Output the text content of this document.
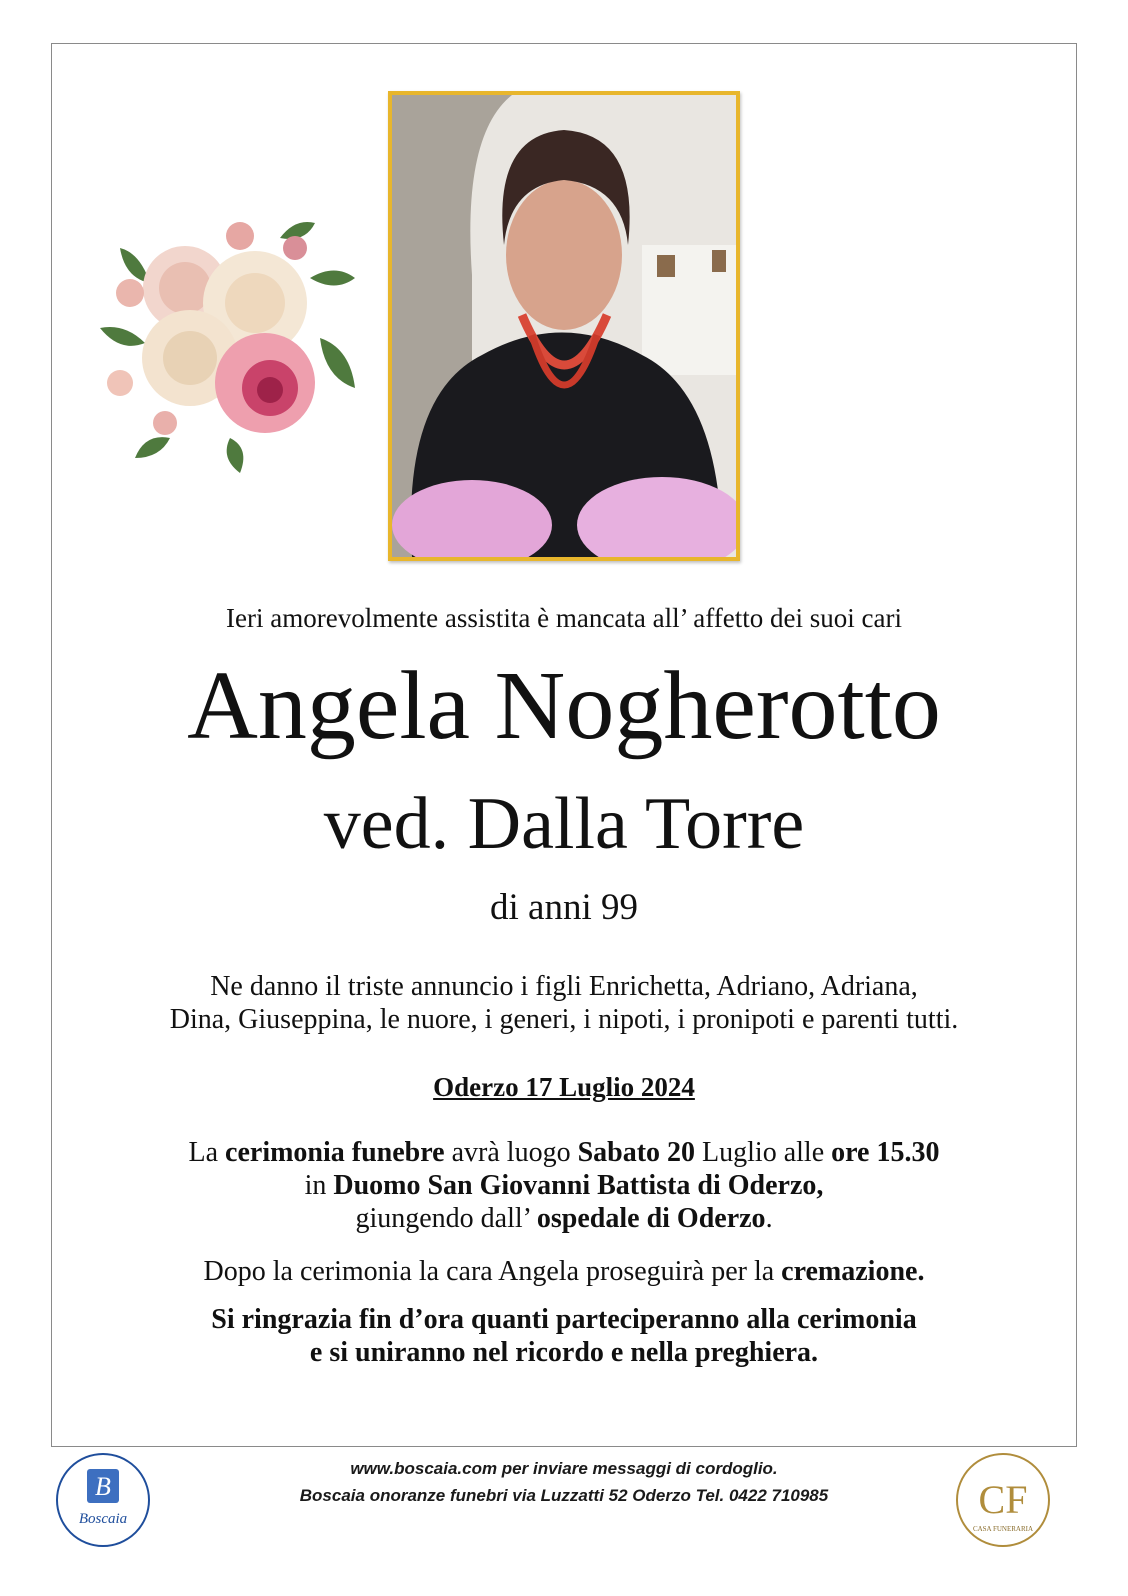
Ieri amorevolmente assistita è mancata all’ affetto dei suoi cari
Angela Nogherotto
ved. Dalla Torre
di anni 99
Ne danno il triste annuncio i figli Enrichetta, Adriano, Adriana,
Dina, Giuseppina, le nuore, i generi, i nipoti, i pronipoti e parenti tutti.
Oderzo 17 Luglio 2024
La cerimonia funebre avrà luogo Sabato 20 Luglio alle ore 15.30
in Duomo San Giovanni Battista di Oderzo,
giungendo dall’ ospedale di Oderzo.
Dopo la cerimonia la cara Angela proseguirà per la cremazione.
Si ringrazia fin d’ora quanti parteciperanno alla cerimonia
e si uniranno nel ricordo e nella preghiera.
B
Boscaia	CF
CASA FUNERARIA
www.boscaia.com per inviare messaggi di cordoglio.
Boscaia onoranze funebri via Luzzatti 52 Oderzo Tel. 0422 710985
